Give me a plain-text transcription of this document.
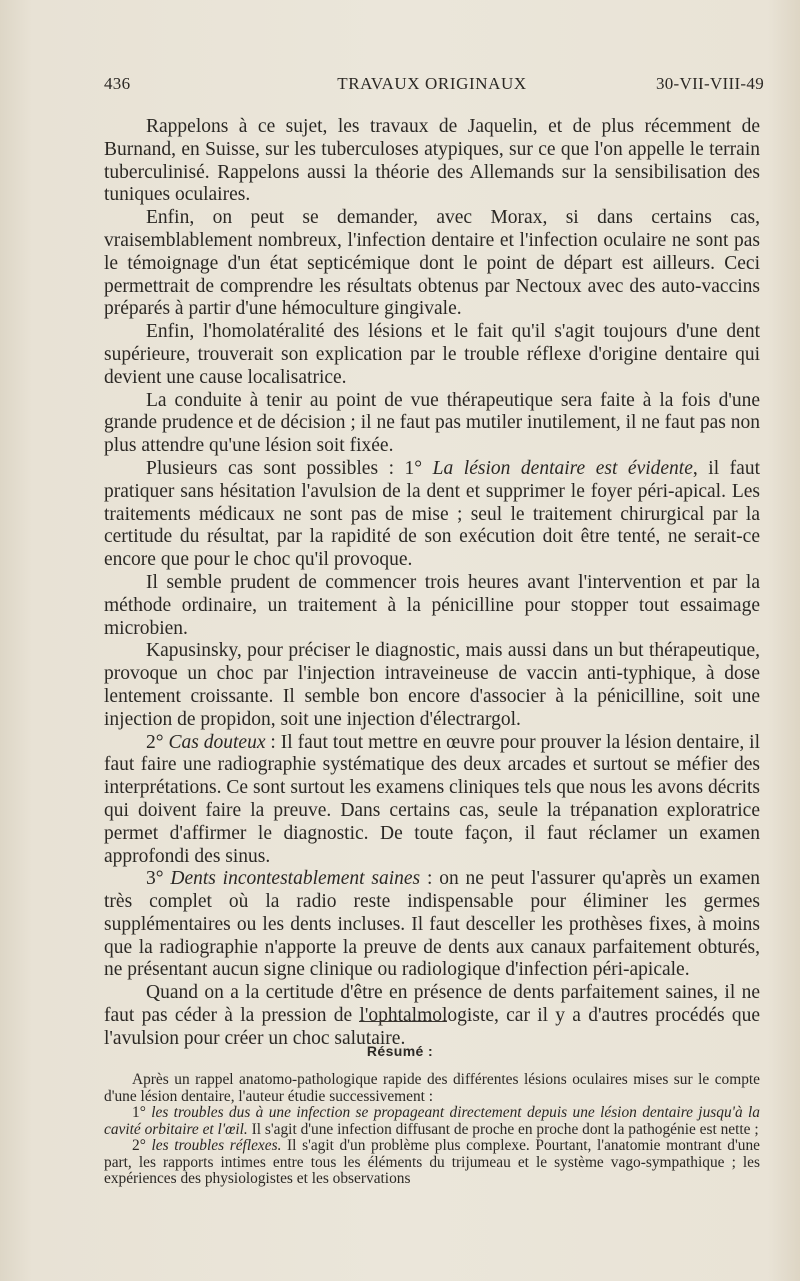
436	TRAVAUX ORIGINAUX	30-VII-VIII-49

Rappelons à ce sujet, les travaux de Jaquelin, et de plus récemment de Burnand, en Suisse, sur les tuberculoses atypiques, sur ce que l'on appelle le terrain tuberculinisé. Rappelons aussi la théorie des Allemands sur la sensibilisation des tuniques oculaires.

Enfin, on peut se demander, avec Morax, si dans certains cas, vraisemblablement nombreux, l'infection dentaire et l'infection oculaire ne sont pas le témoignage d'un état septicémique dont le point de départ est ailleurs. Ceci permettrait de comprendre les résultats obtenus par Nectoux avec des auto-vaccins préparés à partir d'une hémoculture gingivale.

Enfin, l'homolatéralité des lésions et le fait qu'il s'agit toujours d'une dent supérieure, trouverait son explication par le trouble réflexe d'origine dentaire qui devient une cause localisatrice.

La conduite à tenir au point de vue thérapeutique sera faite à la fois d'une grande prudence et de décision ; il ne faut pas mutiler inutilement, il ne faut pas non plus attendre qu'une lésion soit fixée.

Plusieurs cas sont possibles : 1° La lésion dentaire est évidente, il faut pratiquer sans hésitation l'avulsion de la dent et supprimer le foyer péri-apical. Les traitements médicaux ne sont pas de mise ; seul le traitement chirurgical par la certitude du résultat, par la rapidité de son exécution doit être tenté, ne serait-ce encore que pour le choc qu'il provoque.

Il semble prudent de commencer trois heures avant l'intervention et par la méthode ordinaire, un traitement à la pénicilline pour stopper tout essaimage microbien.

Kapusinsky, pour préciser le diagnostic, mais aussi dans un but thérapeutique, provoque un choc par l'injection intraveineuse de vaccin anti-typhique, à dose lentement croissante. Il semble bon encore d'associer à la pénicilline, soit une injection de propidon, soit une injection d'électrargol.

2° Cas douteux : Il faut tout mettre en œuvre pour prouver la lésion dentaire, il faut faire une radiographie systématique des deux arcades et surtout se méfier des interprétations. Ce sont surtout les examens cliniques tels que nous les avons décrits qui doivent faire la preuve. Dans certains cas, seule la trépanation exploratrice permet d'affirmer le diagnostic. De toute façon, il faut réclamer un examen approfondi des sinus.

3° Dents incontestablement saines : on ne peut l'assurer qu'après un examen très complet où la radio reste indispensable pour éliminer les germes supplémentaires ou les dents incluses. Il faut desceller les prothèses fixes, à moins que la radiographie n'apporte la preuve de dents aux canaux parfaitement obturés, ne présentant aucun signe clinique ou radiologique d'infection péri-apicale.

Quand on a la certitude d'être en présence de dents parfaitement saines, il ne faut pas céder à la pression de l'ophtalmologiste, car il y a d'autres procédés que l'avulsion pour créer un choc salutaire.

Résumé :

Après un rappel anatomo-pathologique rapide des différentes lésions oculaires mises sur le compte d'une lésion dentaire, l'auteur étudie successivement :

1° les troubles dus à une infection se propageant directement depuis une lésion dentaire jusqu'à la cavité orbitaire et l'œil. Il s'agit d'une infection diffusant de proche en proche dont la pathogénie est nette ;

2° les troubles réflexes. Il s'agit d'un problème plus complexe. Pourtant, l'anatomie montrant d'une part, les rapports intimes entre tous les éléments du trijumeau et le système vago-sympathique ; les expériences des physiologistes et les observations
